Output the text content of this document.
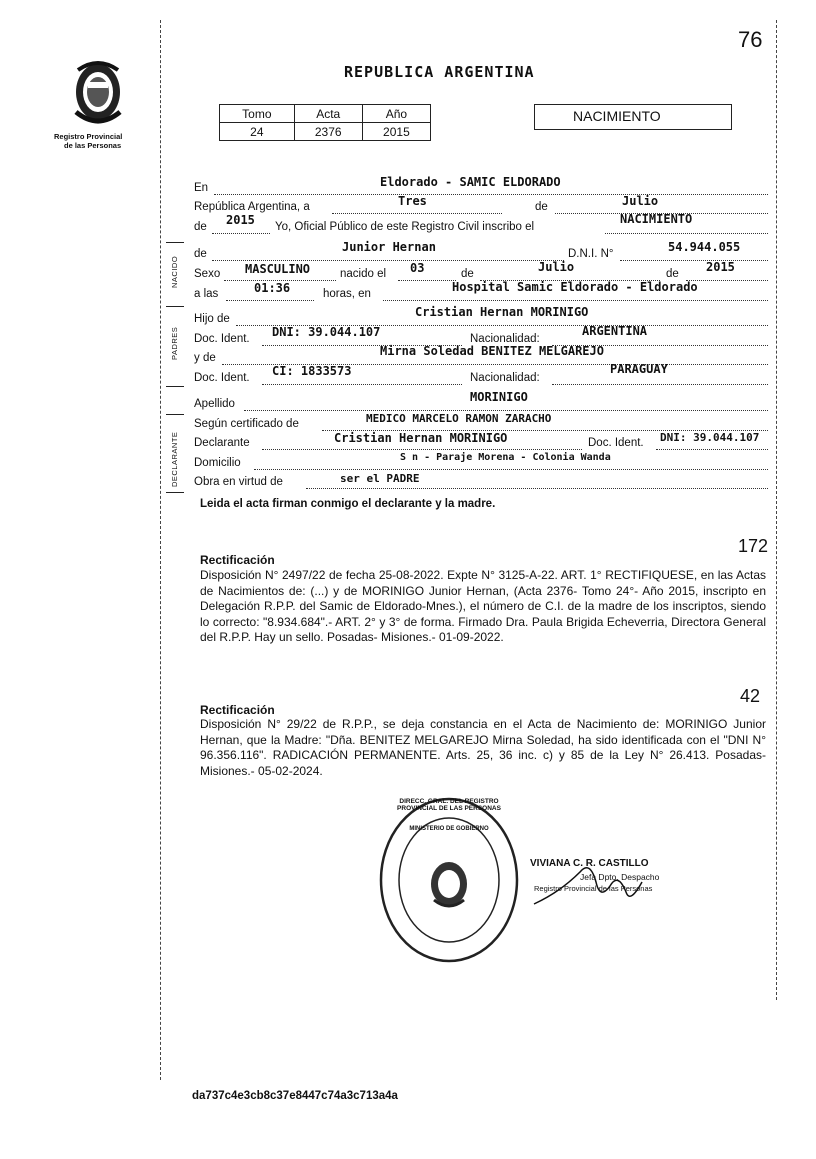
76
Registro Provincial
de las Personas
REPUBLICA ARGENTINA
Tomo	Acta	Año
24	2376	2015
NACIMIENTO
En	Eldorado - SAMIC ELDORADO
República Argentina, a	Tres	de	Julio
de 2015 Yo, Oficial Público de este Registro Civil inscribo el
NACIMIENTO
NACIDO
de	Junior Hernan	D.N.I. N°	54.944.055
Sexo MASCULINO	nacido el 03	de	Julio	de 2015
a las	01:36	horas, en	Hospital Samic Eldorado - Eldorado
PADRES
Hijo de	Cristian Hernan MORINIGO
Doc. Ident. DNI: 39.044.107	Nacionalidad:
ARGENTINA
y de	Mirna Soledad BENITEZ MELGAREJO
Doc. Ident. CI: 1833573	Nacionalidad:
PARAGUAY
Apellido	MORINIGO
DECLARANTE
Según certificado de	MEDICO MARCELO RAMON ZARACHO
Declarante	Cristian Hernan MORINIGO	Doc. Ident. DNI: 39.044.107
Domicilio	S n - Paraje Morena - Colonia Wanda
Obra en virtud de	ser el PADRE
Leida el acta firman conmigo el declarante y la madre.
172
Rectificación
Disposición N° 2497/22 de fecha 25-08-2022. Expte N° 3125-A-22. ART. 1° RECTIFIQUESE, en las Actas de Nacimientos de: (...) y de MORINIGO Junior Hernan, (Acta 2376- Tomo 24°- Año 2015, inscripto en Delegación R.P.P. del Samic de Eldorado-Mnes.), el número de C.I. de la madre de los inscriptos, siendo lo correcto: "8.934.684".- ART. 2° y 3° de forma. Firmado Dra. Paula Brigida Echeverria, Directora General del R.P.P. Hay un sello. Posadas- Misiones.- 01-09-2022.
42
Rectificación
Disposición N° 29/22 de R.P.P., se deja constancia en el Acta de Nacimiento de: MORINIGO Junior Hernan, que la Madre: "Dña. BENITEZ MELGAREJO Mirna Soledad, ha sido identificada con el "DNI N° 96.356.116". RADICACIÓN PERMANENTE. Arts. 25, 36 inc. c) y 85 de la Ley N° 26.413. Posadas- Misiones.- 05-02-2024.
DIRECC. GRAL. DEL REGISTRO PROVINCIAL DE LAS PERSONAS
MINISTERIO DE GOBIERNO
VIVIANA C. R. CASTILLO
Jefa Dpto. Despacho
Registro Provincial de las Personas
da737c4e3cb8c37e8447c74a3c713a4a
